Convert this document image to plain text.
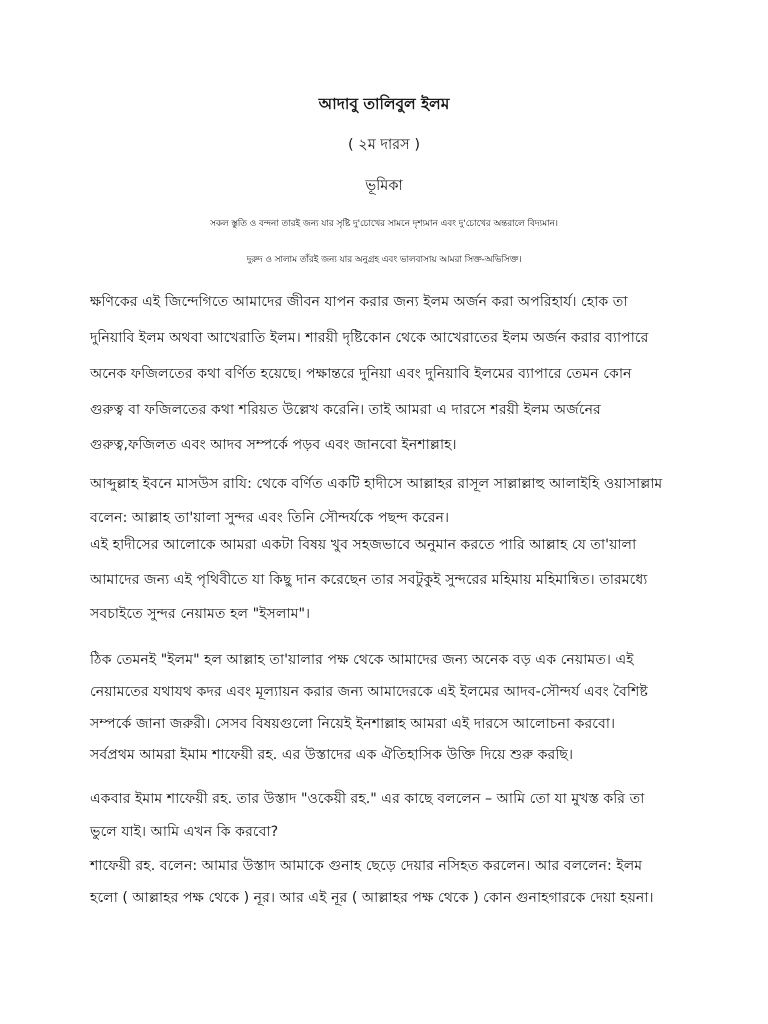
আদাবু তালিবুল ইলম
( ২ম দারস )
ভূমিকা
সকল স্তুতি ও বন্দনা তারই জন্য যার সৃষ্টি দু'চোখের সামনে দৃশ্যমান এবং দু'চোখের অন্তরালে বিদ্যমান।
দুরুদ ও সালাম তাঁরই জন্য যার অনুগ্রহ এবং ভালবাসায় আমরা সিক্ত-অভিসিক্ত।
ক্ষণিকের এই জিন্দেগিতে আমাদের জীবন যাপন করার জন্য ইলম অর্জন করা অপরিহার্য। হোক তা
দুনিয়াবি ইলম অথবা আখেরাতি ইলম। শারয়ী দৃষ্টিকোন থেকে আখেরাতের ইলম অর্জন করার ব্যাপারে
অনেক ফজিলতের কথা বর্ণিত হয়েছে। পক্ষান্তরে দুনিয়া এবং দুনিয়াবি ইলমের ব্যাপারে তেমন কোন
গুরুত্ব বা ফজিলতের কথা শরিয়ত উল্লেখ করেনি। তাই আমরা এ দারসে শরয়ী ইলম অর্জনের
গুরুত্ব,ফজিলত এবং আদব সম্পর্কে পড়ব এবং জানবো ইনশাল্লাহ।
আব্দুল্লাহ ইবনে মাসউস রাযি: থেকে বর্ণিত একটি হাদীসে আল্লাহর রাসূল সাল্লাল্লাহু আলাইহি ওয়াসাল্লাম
বলেন: আল্লাহ তা'য়ালা সুন্দর এবং তিনি সৌন্দর্যকে পছন্দ করেন।
এই হাদীসের আলোকে আমরা একটা বিষয় খুব সহজভাবে অনুমান করতে পারি আল্লাহ যে তা'য়ালা
আমাদের জন্য এই পৃথিবীতে যা কিছু দান করেছেন তার সবটুকুই সুন্দরের মহিমায় মহিমান্বিত। তারমধ্যে
সবচাইতে সুন্দর নেয়ামত হল "ইসলাম"।
ঠিক তেমনই "ইলম" হল আল্লাহ তা'য়ালার পক্ষ থেকে আমাদের জন্য অনেক বড় এক নেয়ামত। এই
নেয়ামতের যথাযথ কদর এবং মূল্যায়ন করার জন্য আমাদেরকে এই ইলমের আদব-সৌন্দর্য এবং বৈশিষ্ট
সম্পর্কে জানা জরুরী। সেসব বিষয়গুলো নিয়েই ইনশাল্লাহ আমরা এই দারসে আলোচনা করবো।
সর্বপ্রথম আমরা ইমাম শাফেয়ী রহ. এর উস্তাদের এক ঐতিহাসিক উক্তি দিয়ে শুরু করছি।
একবার ইমাম শাফেয়ী রহ. তার উস্তাদ "ওকেয়ী রহ." এর কাছে বললেন – আমি তো যা মুখস্ত করি তা
ভুলে যাই। আমি এখন কি করবো?
শাফেয়ী রহ. বলেন: আমার উস্তাদ আমাকে গুনাহ ছেড়ে দেয়ার নসিহত করলেন। আর বললেন: ইলম
হলো ( আল্লাহর পক্ষ থেকে ) নূর। আর এই নূর ( আল্লাহর পক্ষ থেকে ) কোন গুনাহগারকে দেয়া হয়না।
